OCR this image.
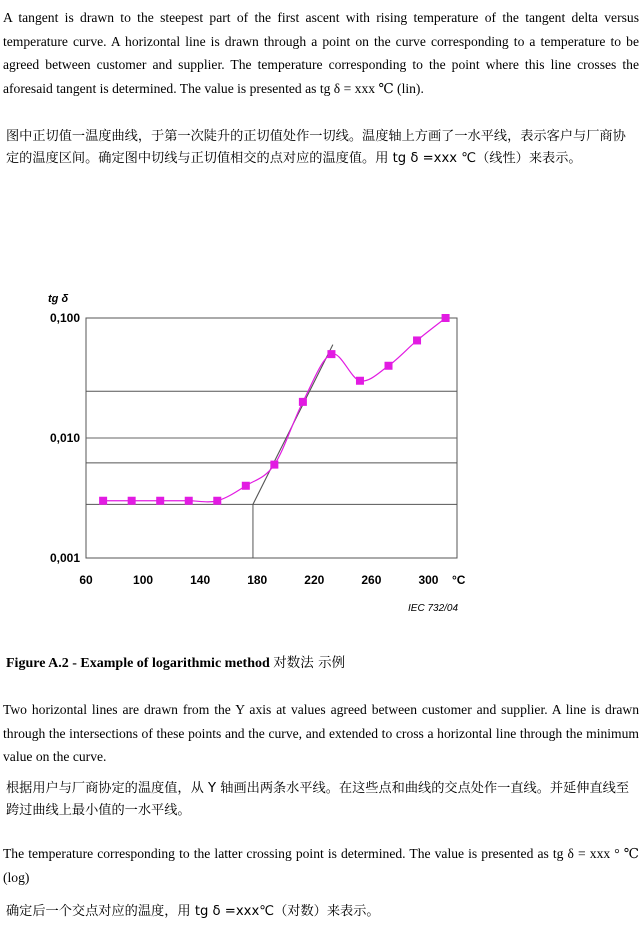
A tangent is drawn to the steepest part of the first ascent with rising temperature of the tangent delta versus temperature curve. A horizontal line is drawn through a point on the curve corresponding to a temperature to be agreed between customer and supplier. The temperature corresponding to the point where this line crosses the aforesaid tangent is determined. The value is presented as tg δ = xxx ℃ (lin).
图中正切值一温度曲线，于第一次陡升的正切值处作一切线。温度轴上方画了一水平线，表示客户与厂商协定的温度区间。确定图中切线与正切值相交的点对应的温度值。用 tg δ =xxx ℃（线性）来表示。
tg δ
0,001
0,010
0,100
60	100	140	180	220	260	300 °C
IEC 732/04
Figure A.2 - Example of logarithmic method 对数法 示例
Two horizontal lines are drawn from the Y axis at values agreed between customer and supplier. A line is drawn through the intersections of these points and the curve, and extended to cross a horizontal line through the minimum value on the curve.
根据用户与厂商协定的温度值，从 Y 轴画出两条水平线。在这些点和曲线的交点处作一直线。并延伸直线至跨过曲线上最小值的一水平线。
The temperature corresponding to the latter crossing point is determined. The value is presented as tg δ = xxx ° ℃ (log)
确定后一个交点对应的温度，用 tg δ =xxx℃（对数）来表示。
